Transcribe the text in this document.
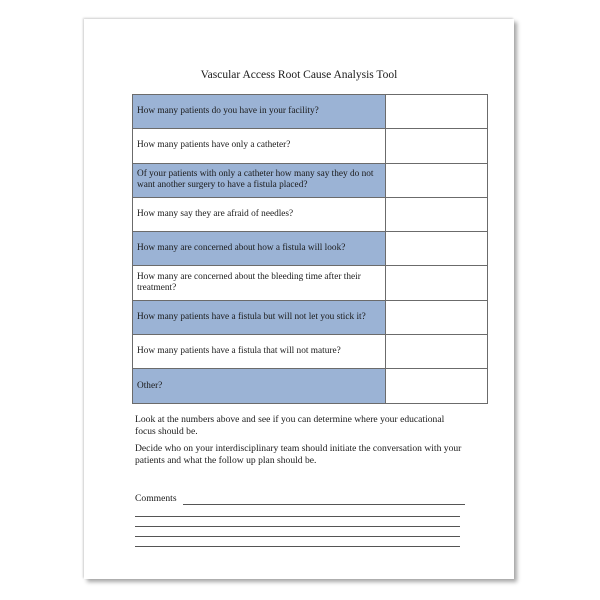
Vascular Access Root Cause Analysis Tool
How many patients do you have in your facility?	
How many patients have only a catheter?	
Of your patients with only a catheter how many say they do not want another surgery to have a fistula placed?	
How many say they are afraid of needles?	
How many are concerned about how a fistula will look?	
How many are concerned about the bleeding time after their treatment?	
How many patients have a fistula but will not let you stick it?	
How many patients have a fistula that will not mature?	
Other?	

Look at the numbers above and see if you can determine where your educational focus should be.

Decide who on your interdisciplinary team should initiate the conversation with your patients and what the follow up plan should be.

Comments
